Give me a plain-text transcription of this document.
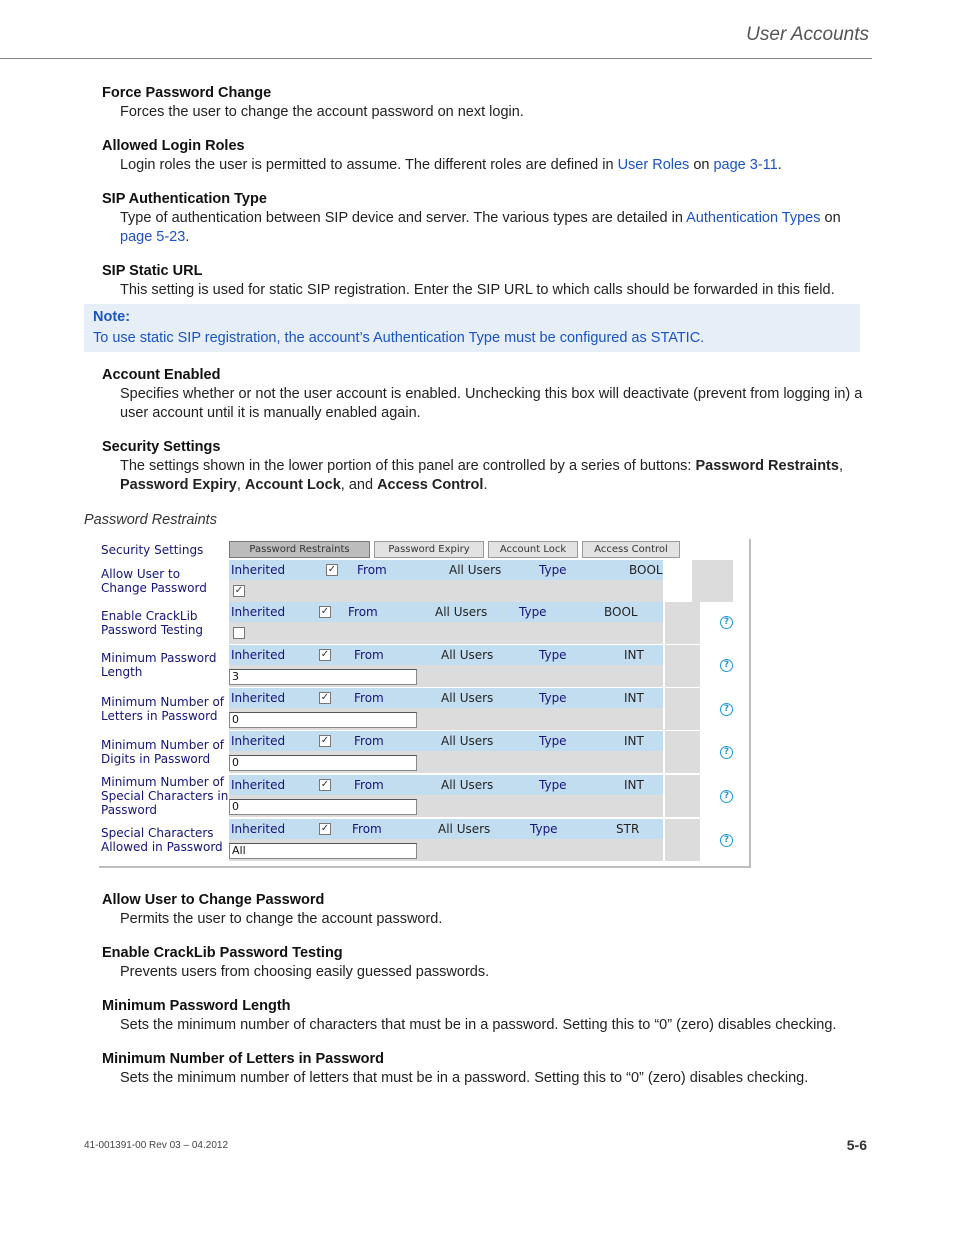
User Accounts
Force Password Change
Forces the user to change the account password on next login.
Allowed Login Roles
Login roles the user is permitted to assume. The different roles are defined in User Roles on page 3-11.
SIP Authentication Type
Type of authentication between SIP device and server. The various types are detailed in Authentication Types on page 5-23.
SIP Static URL
This setting is used for static SIP registration. Enter the SIP URL to which calls should be forwarded in this field.
Note:
To use static SIP registration, the account’s Authentication Type must be configured as STATIC.
Account Enabled
Specifies whether or not the user account is enabled. Unchecking this box will deactivate (prevent from logging in) a user account until it is manually enabled again.
Security Settings
The settings shown in the lower portion of this panel are controlled by a series of buttons: Password Restraints, Password Expiry, Account Lock, and Access Control.
Password Restraints
Security Settings	Password Restraints	Password Expiry	Account Lock	Access Control
Allow User to Change Password
Inherited	✓ From	All Users	Type	BOOL
✓
Enable CrackLib Password Testing
Inherited	✓ From	All Users	Type	BOOL
?
Minimum Password Length
Inherited	✓ From	All Users	Type	INT
3
?
Minimum Number of Letters in Password
Inherited	✓ From	All Users	Type	INT
0
?
Minimum Number of Digits in Password
Inherited	✓ From	All Users	Type	INT
0
?
Minimum Number of Special Characters in Password
Inherited	✓ From	All Users	Type	INT
0
?
Special Characters Allowed in Password
Inherited	✓ From	All Users	Type	STR
All
?
Allow User to Change Password
Permits the user to change the account password.
Enable CrackLib Password Testing
Prevents users from choosing easily guessed passwords.
Minimum Password Length
Sets the minimum number of characters that must be in a password. Setting this to “0” (zero) disables checking.
Minimum Number of Letters in Password
Sets the minimum number of letters that must be in a password. Setting this to “0” (zero) disables checking.
41-001391-00 Rev 03 – 04.2012	5-6
